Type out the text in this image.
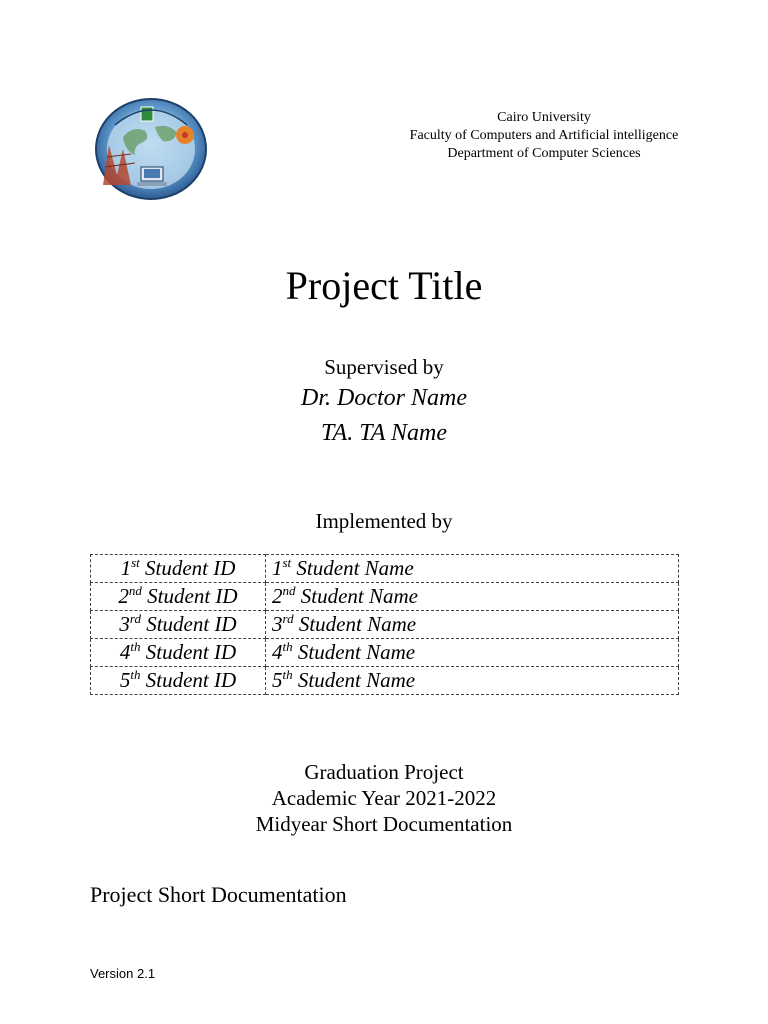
Cairo University
Faculty of Computers and Artificial intelligence
Department of Computer Sciences
Project Title
Supervised by
Dr. Doctor Name
TA. TA Name
Implemented by
1st Student ID	1st Student Name
2nd Student ID	2nd Student Name
3rd Student ID	3rd Student Name
4th Student ID	4th Student Name
5th Student ID	5th Student Name
Graduation Project
Academic Year 2021-2022
Midyear Short Documentation
Project Short Documentation
Version 2.1
